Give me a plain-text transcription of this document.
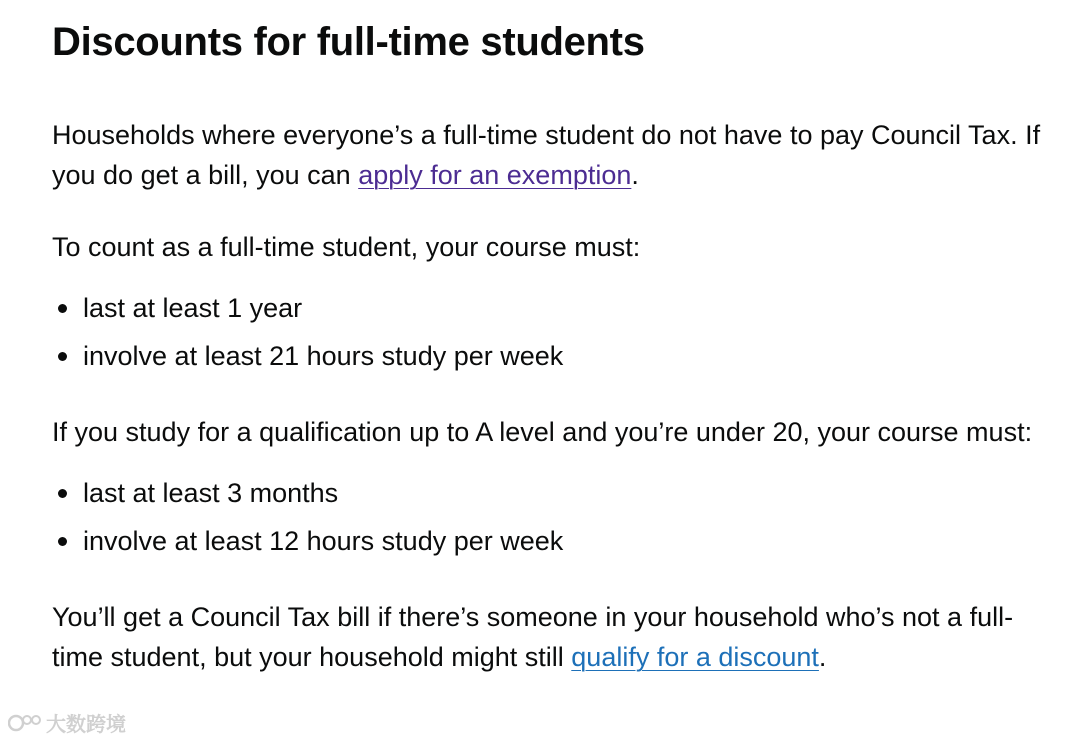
Discounts for full-time students

Households where everyone’s a full-time student do not have to pay Council Tax. If you do get a bill, you can apply for an exemption.

To count as a full-time student, your course must:

last at least 1 year
involve at least 21 hours study per week

If you study for a qualification up to A level and you’re under 20, your course must:

last at least 3 months
involve at least 12 hours study per week

You’ll get a Council Tax bill if there’s someone in your household who’s not a full-time student, but your household might still qualify for a discount.

大数跨境
